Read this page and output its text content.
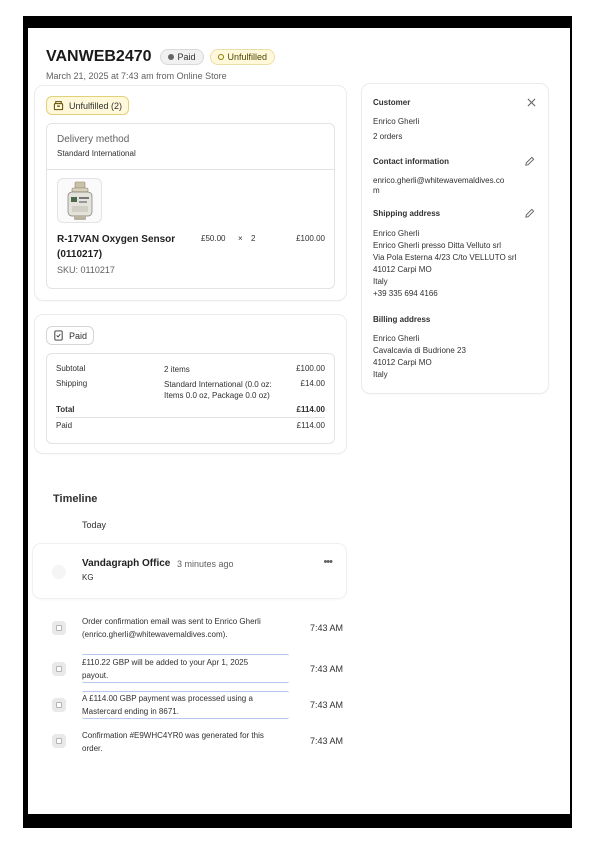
VANWEB2470	Paid	Unfulfilled
March 21, 2025 at 7:43 am from Online Store
Unfulfilled (2)
Delivery method
Standard International
R-17VAN Oxygen Sensor
(0110217)
SKU: 0110217
£50.00 × 2	£100.00
Paid
Subtotal	2 items	£100.00
Shipping	Standard International (0.0 oz:
Items 0.0 oz, Package 0.0 oz)
£14.00
Total	£114.00
Paid	£114.00
Customer
Enrico Gherli
2 orders
Contact information
enrico.gherli@whitewavemaldives.co
m
Shipping address
Enrico Gherli
Enrico Gherli presso Ditta Velluto srl
Via Pola Esterna 4/23 C/to VELLUTO srl
41012 Carpi MO
Italy
+39 335 694 4166
Billing address
Enrico Gherli
Cavalcavia di Budrione 23
41012 Carpi MO
Italy
Timeline
Today
Vandagraph Office 3 minutes ago
KG
•••
Order confirmation email was sent to Enrico Gherli
(enrico.gherli@whitewavemaldives.com).
7:43 AM
£110.22 GBP will be added to your Apr 1, 2025
payout.
7:43 AM
A £114.00 GBP payment was processed using a
Mastercard ending in 8671.
7:43 AM
Confirmation #E9WHC4YR0 was generated for this
order.
7:43 AM
